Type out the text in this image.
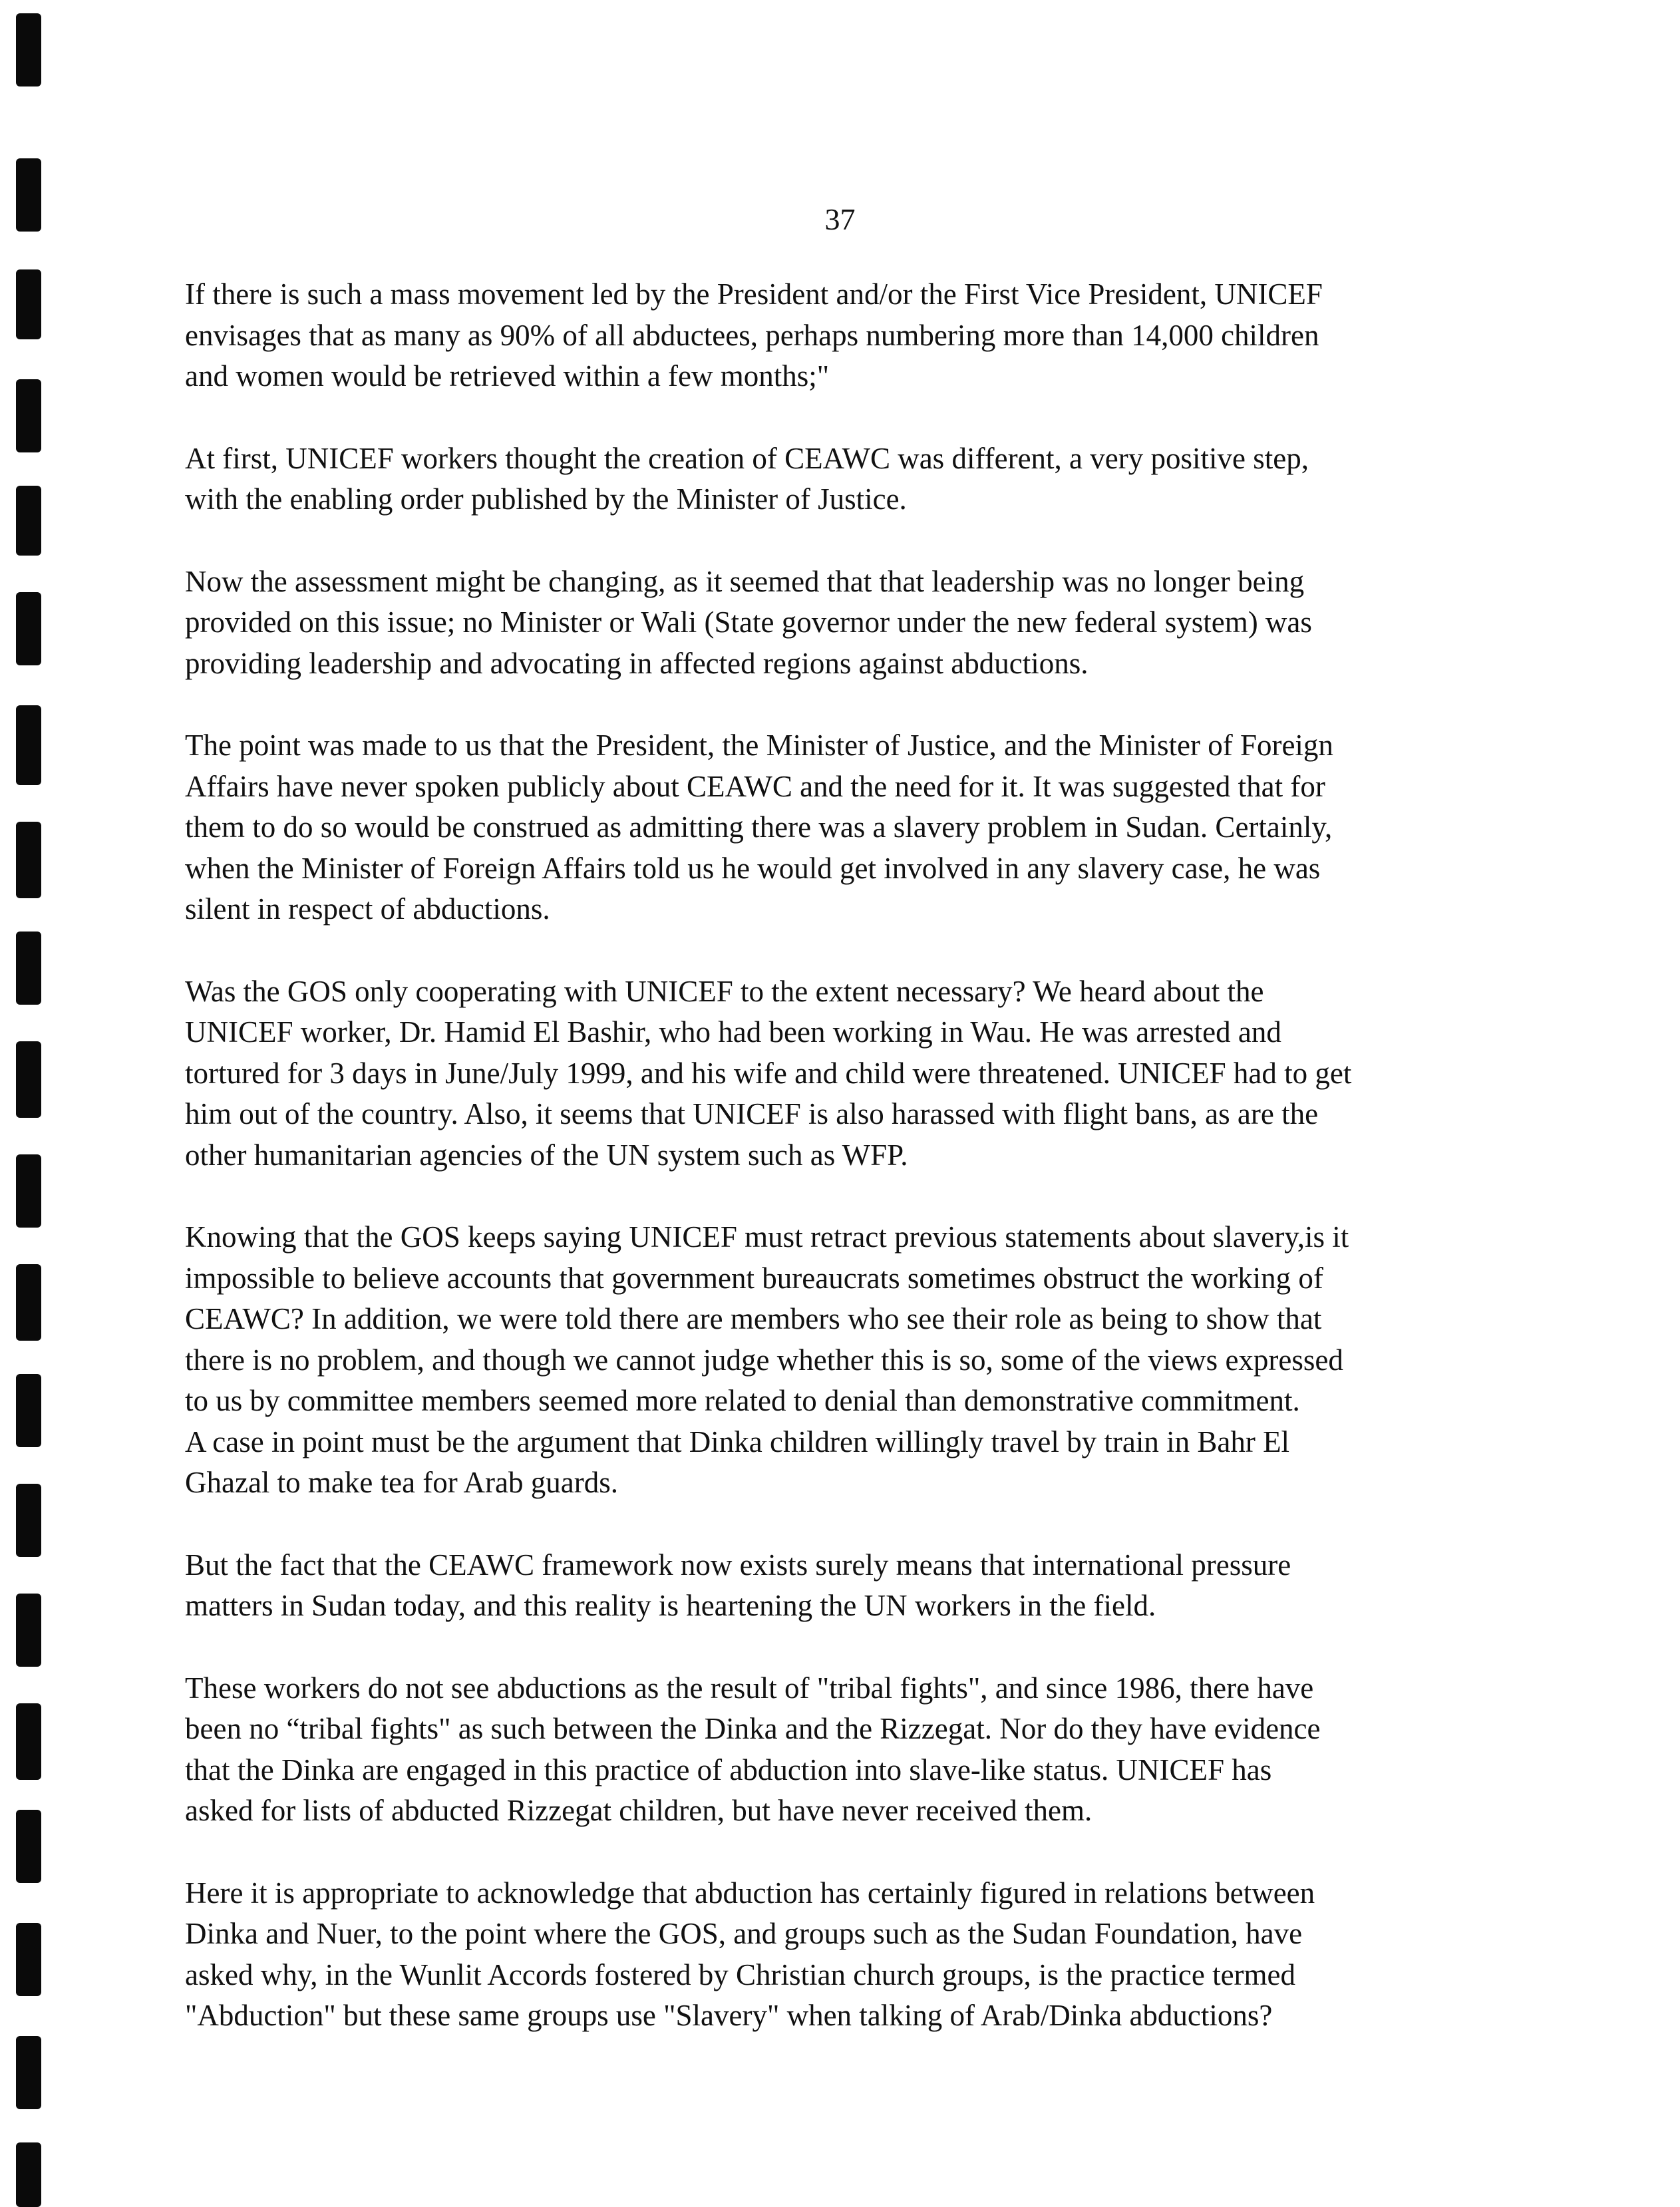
37

If there is such a mass movement led by the President and/or the First Vice President, UNICEF
envisages that as many as 90% of all abductees, perhaps numbering more than 14,000 children
and women would be retrieved within a few months;"

At first, UNICEF workers thought the creation of CEAWC was different, a very positive step,
with the enabling order published by the Minister of Justice.

Now the assessment might be changing, as it seemed that that leadership was no longer being
provided on this issue; no Minister or Wali (State governor under the new federal system) was
providing leadership and advocating in affected regions against abductions.

The point was made to us that the President, the Minister of Justice, and the Minister of Foreign
Affairs have never spoken publicly about CEAWC and the need for it. It was suggested that for
them to do so would be construed as admitting there was a slavery problem in Sudan. Certainly,
when the Minister of Foreign Affairs told us he would get involved in any slavery case, he was
silent in respect of abductions.

Was the GOS only cooperating with UNICEF to the extent necessary? We heard about the
UNICEF worker, Dr. Hamid El Bashir, who had been working in Wau. He was arrested and
tortured for 3 days in June/July 1999, and his wife and child were threatened. UNICEF had to get
him out of the country. Also, it seems that UNICEF is also harassed with flight bans, as are the
other humanitarian agencies of the UN system such as WFP.

Knowing that the GOS keeps saying UNICEF must retract previous statements about slavery,is it
impossible to believe accounts that government bureaucrats sometimes obstruct the working of
CEAWC? In addition, we were told there are members who see their role as being to show that
there is no problem, and though we cannot judge whether this is so, some of the views expressed
to us by committee members seemed more related to denial than demonstrative commitment.
A case in point must be the argument that Dinka children willingly travel by train in Bahr El
Ghazal to make tea for Arab guards.

But the fact that the CEAWC framework now exists surely means that international pressure
matters in Sudan today, and this reality is heartening the UN workers in the field.

These workers do not see abductions as the result of "tribal fights", and since 1986, there have
been no “tribal fights" as such between the Dinka and the Rizzegat. Nor do they have evidence
that the Dinka are engaged in this practice of abduction into slave-like status. UNICEF has
asked for lists of abducted Rizzegat children, but have never received them.

Here it is appropriate to acknowledge that abduction has certainly figured in relations between
Dinka and Nuer, to the point where the GOS, and groups such as the Sudan Foundation, have
asked why, in the Wunlit Accords fostered by Christian church groups, is the practice termed
"Abduction" but these same groups use "Slavery" when talking of Arab/Dinka abductions?
